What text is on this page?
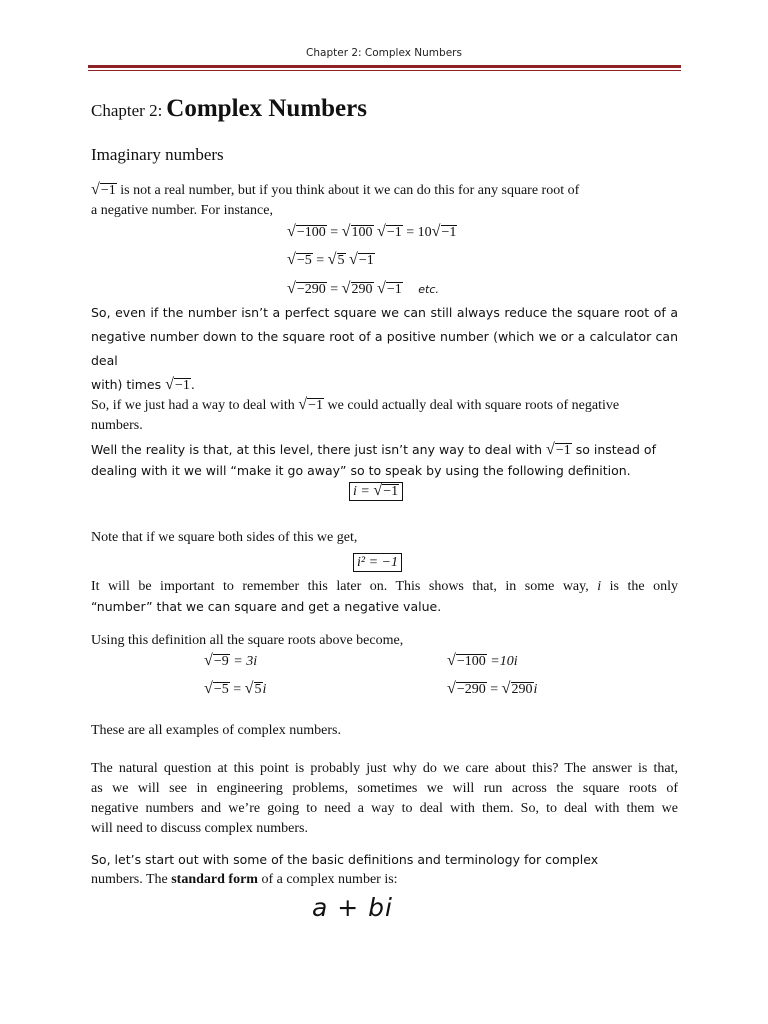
Chapter 2: Complex Numbers
Chapter 2: Complex Numbers
Imaginary numbers
√−1 is not a real number, but if you think about it we can do this for any square root of
a negative number. For instance,
√−100 = √100 √−1 = 10√−1
√−5 = √5 √−1
√−290 = √290 √−1 etc.
So, even if the number isn’t a perfect square we can still always reduce the square root of a
negative number down to the square root of a positive number (which we or a calculator can deal
with) times √−1.
So, if we just had a way to deal with √−1 we could actually deal with square roots of negative
numbers.
Well the reality is that, at this level, there just isn’t any way to deal with √−1 so instead of
dealing with it we will “make it go away” so to speak by using the following definition.
i = √−1
Note that if we square both sides of this we get,
i² = −1
It will be important to remember this later on. This shows that, in some way, i is the only
“number” that we can square and get a negative value.
Using this definition all the square roots above become,
√−9 = 3i	√−100 =10i
√−5 = √5i	√−290 = √290i
These are all examples of complex numbers.
The natural question at this point is probably just why do we care about this? The answer is that,
as we will see in engineering problems, sometimes we will run across the square roots of
negative numbers and we’re going to need a way to deal with them. So, to deal with them we
will need to discuss complex numbers.
So, let’s start out with some of the basic definitions and terminology for complex
numbers. The standard form of a complex number is:
a + bi
